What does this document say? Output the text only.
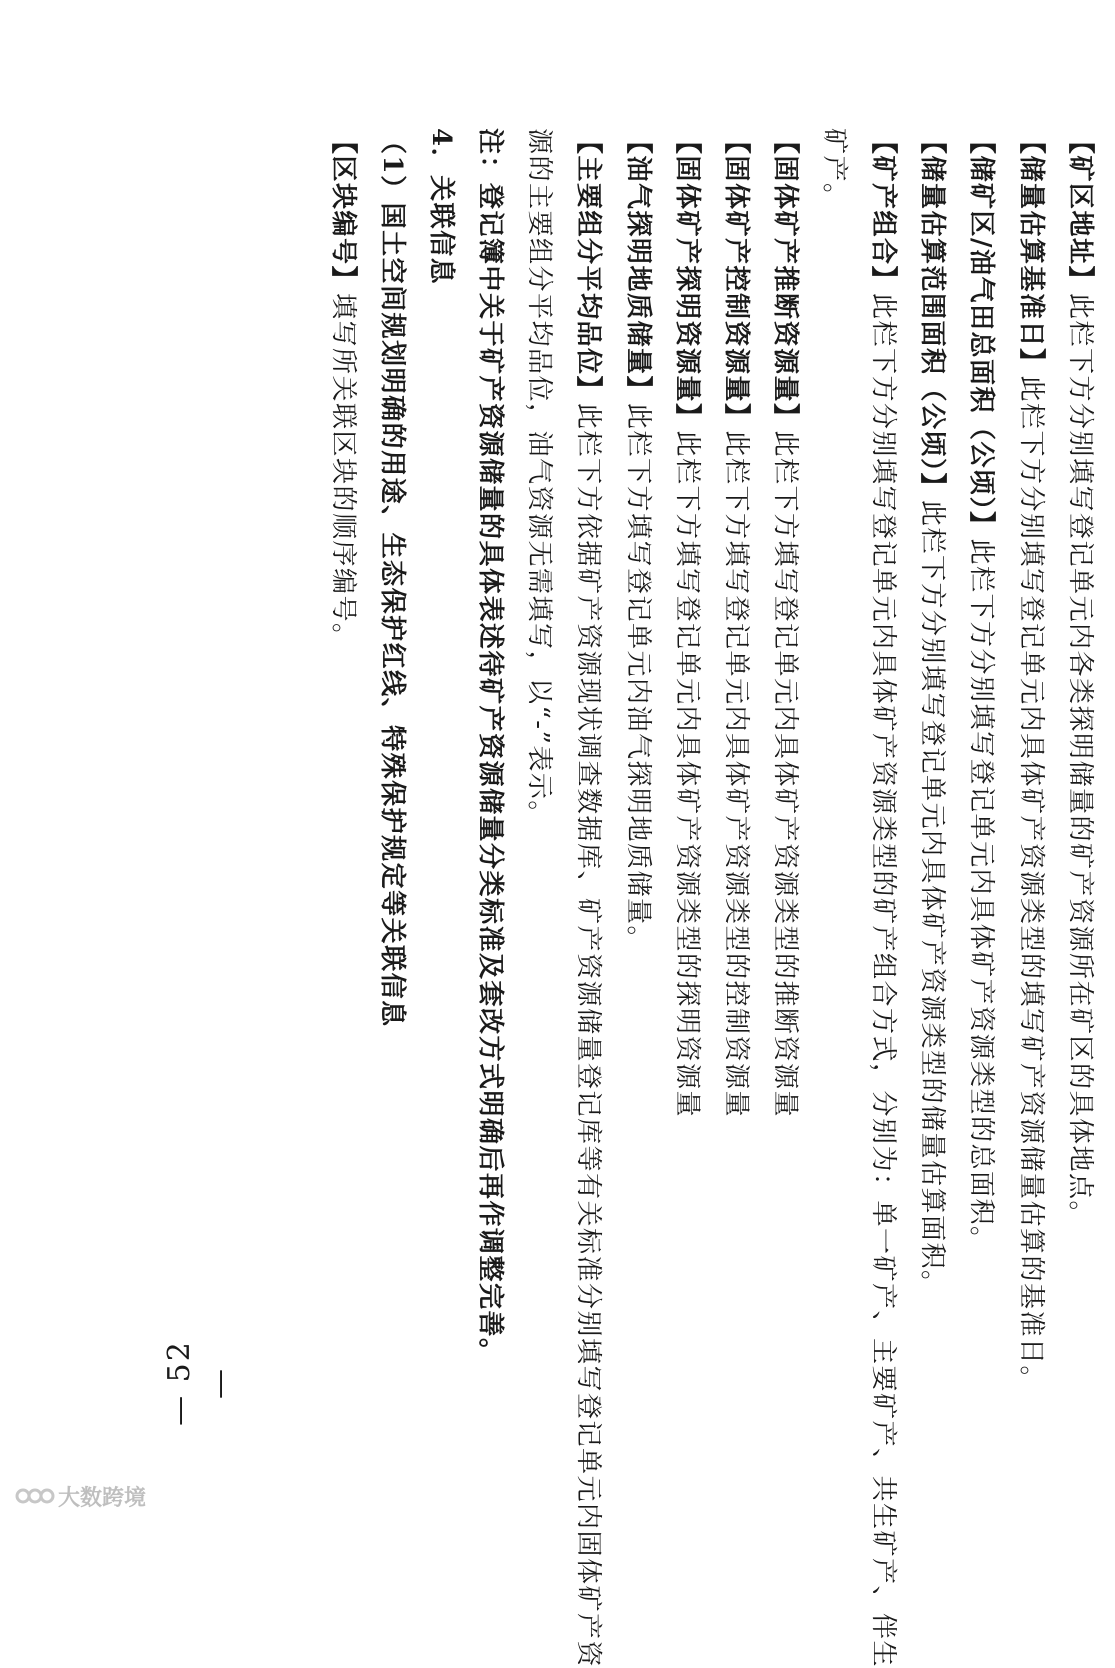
【矿区地址】此栏下方分别填写登记单元内各类探明储量的矿产资源所在矿区的具体地点。
【储量估算基准日】此栏下方分别填写登记单元内具体矿产资源类型的填写矿产资源储量估算的基准日。
【储矿区/油气田总面积（公顷）】此栏下方分别填写登记单元内具体矿产资源类型的总面积。
【储量估算范围面积（公顷）】此栏下方分别填写登记单元内具体矿产资源类型的储量估算面积。
【矿产组合】此栏下方分别填写登记单元内具体矿产资源类型的矿产组合方式，分别为：单一矿产、主要矿产、共生矿产、伴生
矿产。
【固体矿产推断资源量】此栏下方填写登记单元内具体矿产资源类型的推断资源量
【固体矿产控制资源量】此栏下方填写登记单元内具体矿产资源类型的控制资源量
【固体矿产探明资源量】此栏下方填写登记单元内具体矿产资源类型的探明资源量
【油气探明地质储量】此栏下方填写登记单元内油气探明地质储量。
【主要组分平均品位】此栏下方依据矿产资源现状调查数据库、矿产资源储量登记库等有关标准分别填写登记单元内固体矿产资
源的主要组分平均品位，油气资源无需填写，以“-”表示。
注：登记簿中关于矿产资源储量的具体表述待矿产资源储量分类标准及套改方式明确后再作调整完善。
4．关联信息
（1）国土空间规划明确的用途、生态保护红线、特殊保护规定等关联信息
【区块编号】填写所关联区块的顺序编号。
— 52 —
大数跨境
